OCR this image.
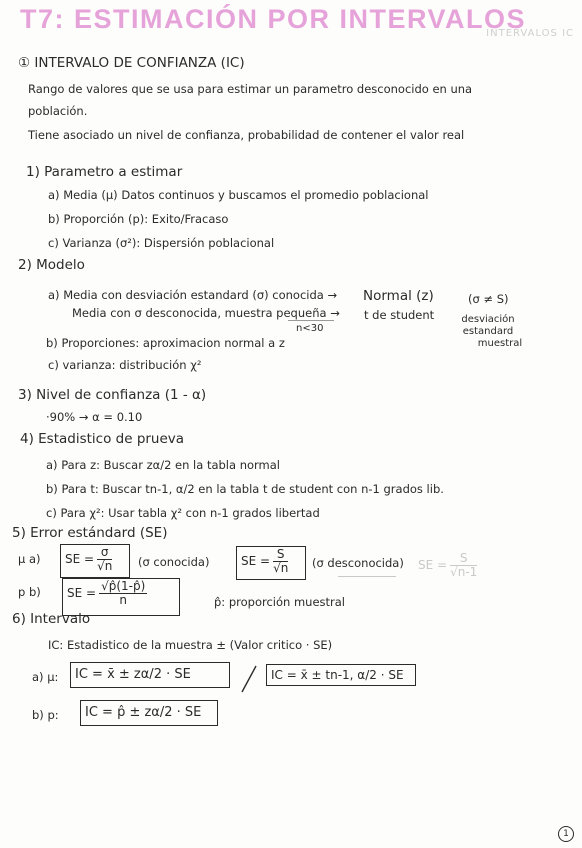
T7: ESTIMACIÓN POR INTERVALOS
INTERVALOS IC
① INTERVALO DE CONFIANZA (IC)
Rango de valores que se usa para estimar un parametro desconocido en una
población.
Tiene asociado un nivel de confianza, probabilidad de contener el valor real
1) Parametro a estimar
a) Media (μ) Datos continuos y buscamos el promedio poblacional
b) Proporción (p): Exito/Fracaso
c) Varianza (σ²): Dispersión poblacional
2) Modelo
a) Media con desviación estandard (σ) conocida → Normal (z)	(σ ≠ S)
Media con σ desconocida, muestra pequeña → t de student
n<30
desviación
estandard
muestral
b) Proporciones: aproximacion normal a z
c) varianza: distribución χ²
3) Nivel de confianza (1 - α)
·90% → α = 0.10
4) Estadistico de prueva
a) Para z: Buscar zα/2 en la tabla normal
b) Para t: Buscar tn-1, α/2 en la tabla t de student con n-1 grados lib.
c) Para χ²: Usar tabla χ² con n-1 grados libertad
5) Error estándard (SE)
μ a)	SE = $\frac{\sigma}{√n} (\sigma$ conocida)	SE = $\frac{S}{√n} (\sigma$ desconocida) SE = $\frac{S}{√n-1}$
p b)	SE = $\frac{√p̂(1-p̂)}{n}$	p̂: proporción muestral
6) Intervalo
IC: Estadistico de la muestra ± (Valor critico · SE)
a) μ:	IC = x̄ ± zα/2 · SE	IC = x̄ ± tn-1, α/2 · SE
b) p:	IC = p̂ ± zα/2 · SE
1
